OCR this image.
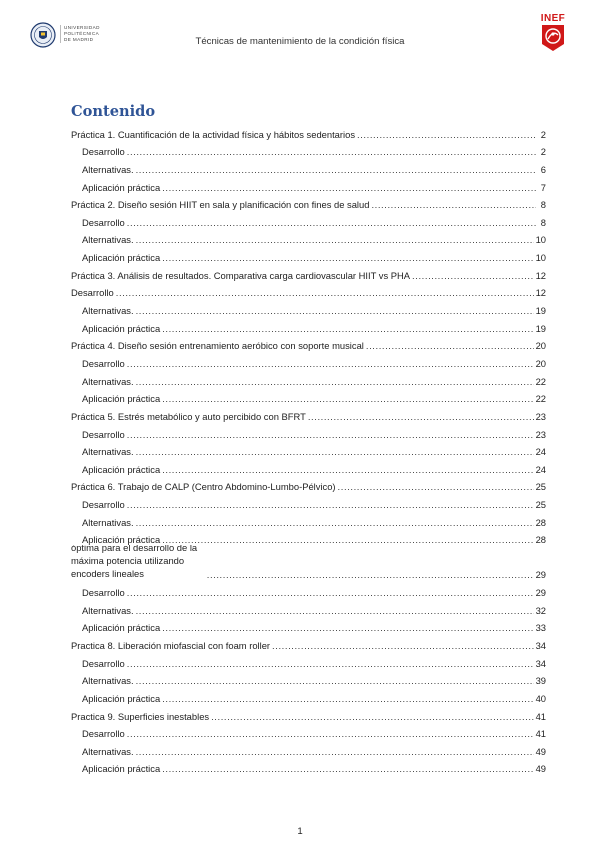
UNIVERSIDAD
POLITÉCNICA
DE MADRID	Técnicas de mantenimiento de la condición física
INEF
Contenido
Práctica 1. Cuantificación de la actividad física y hábitos sedentarios .....	2
Desarrollo .....	2
Alternativas. .....	6
Aplicación práctica .....	7
Práctica 2. Diseño sesión HIIT en sala y planificación con fines de salud .....	8
Desarrollo .....	8
Alternativas. .....	10
Aplicación práctica .....	10
Práctica 3. Análisis de resultados. Comparativa carga cardiovascular HIIT vs PHA .....	12
Desarrollo .....	12
Alternativas. .....	19
Aplicación práctica .....	19
Práctica 4. Diseño sesión entrenamiento aeróbico con soporte musical .....	20
Desarrollo .....	20
Alternativas. .....	22
Aplicación práctica .....	22
Práctica 5. Estrés metabólico y auto percibido con BFRT .....	23
Desarrollo .....	23
Alternativas. .....	24
Aplicación práctica .....	24
Práctica 6. Trabajo de CALP (Centro Abdomino-Lumbo-Pélvico) .....	25
Desarrollo .....	25
Alternativas. .....	28
Aplicación práctica .....	28
óptima para el desarrollo de la máxima potencia utilizando encoders lineales .....	29
Desarrollo .....	29
Alternativas. .....	32
Aplicación práctica .....	33
Practica 8. Liberación miofascial con foam roller .....	34
Desarrollo .....	34
Alternativas. .....	39
Aplicación práctica .....	40
Practica 9. Superficies inestables .....	41
Desarrollo .....	41
Alternativas. .....	49
Aplicación práctica .....	49
1
